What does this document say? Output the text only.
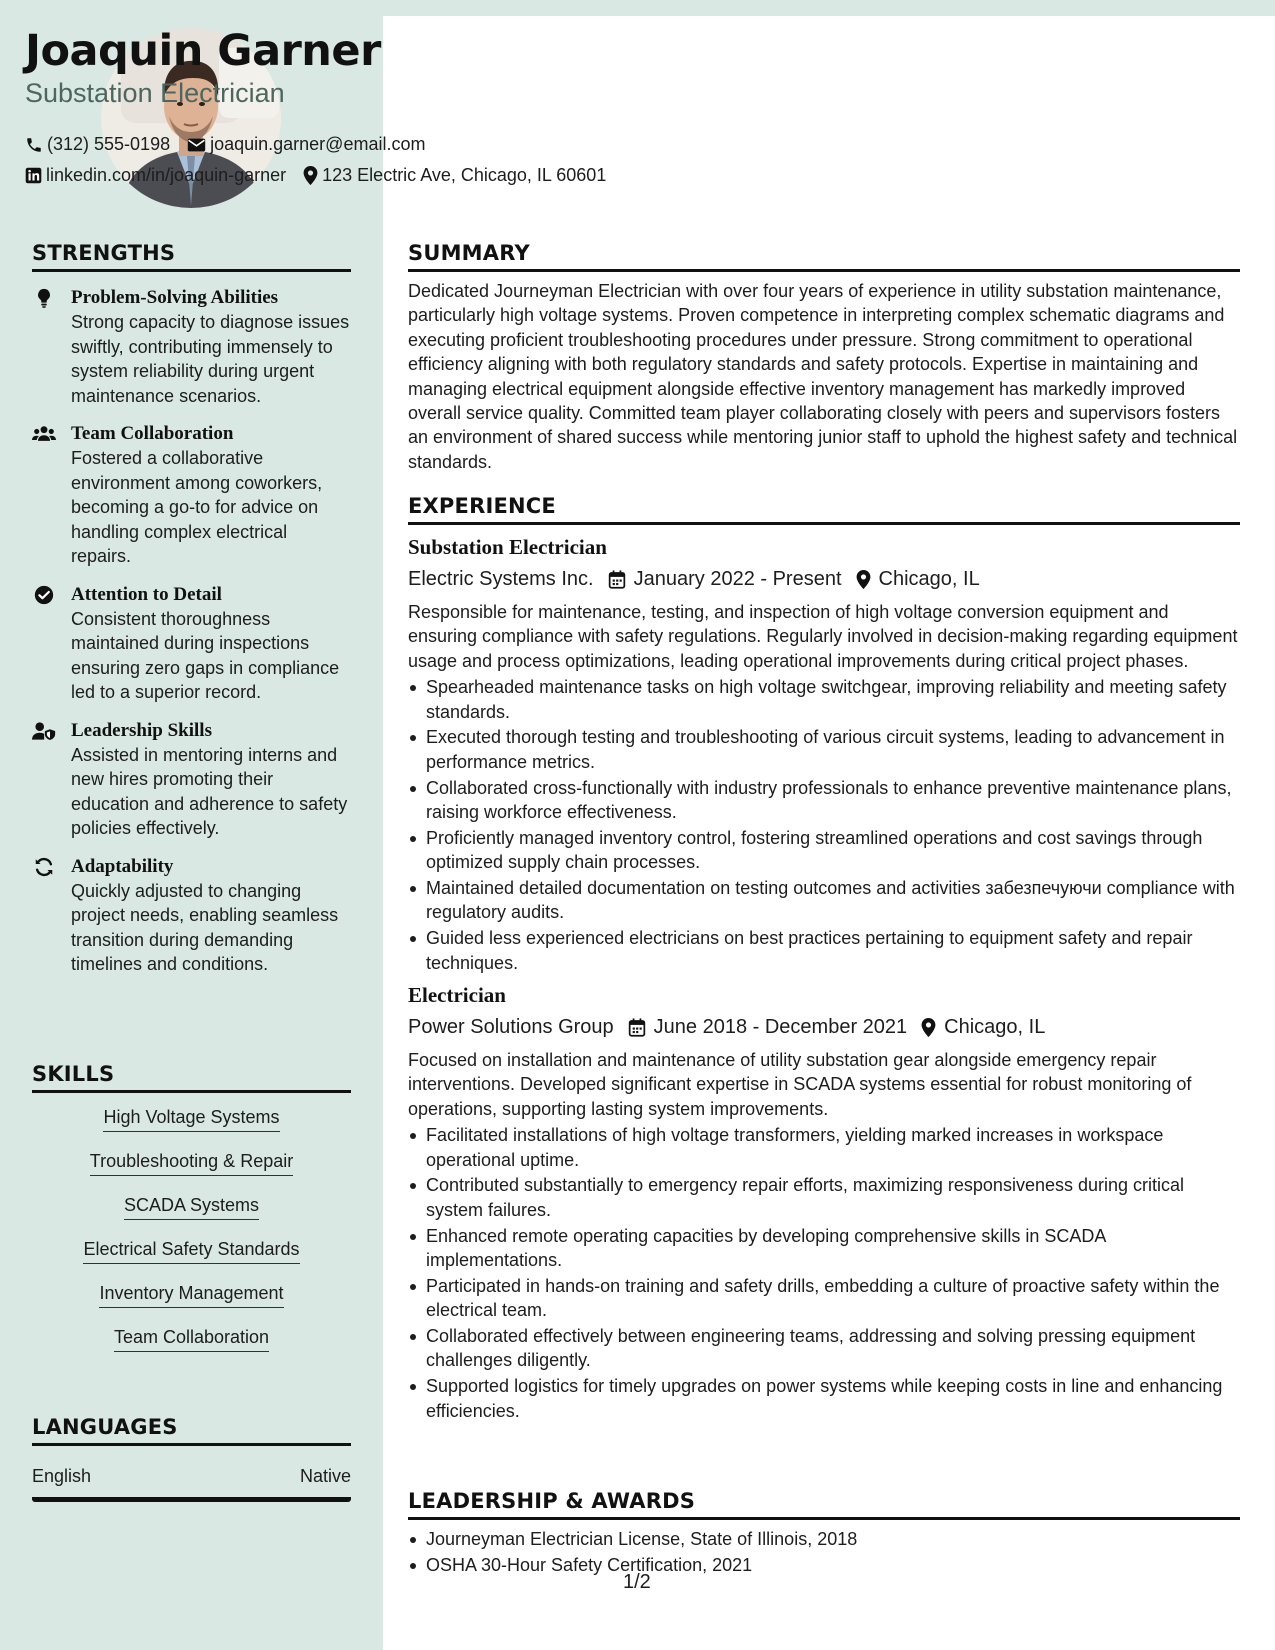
Joaquin Garner
Substation Electrician
(312) 555-0198 joaquin.garner@email.com
linkedin.com/in/joaquin-garner 123 Electric Ave, Chicago, IL 60601
STRENGTHS
Problem-Solving Abilities
Strong capacity to diagnose issues swiftly, contributing immensely to system reliability during urgent maintenance scenarios.
Team Collaboration
Fostered a collaborative environment among coworkers, becoming a go-to for advice on handling complex electrical repairs.
Attention to Detail
Consistent thoroughness maintained during inspections ensuring zero gaps in compliance led to a superior record.
Leadership Skills
Assisted in mentoring interns and new hires promoting their education and adherence to safety policies effectively.
Adaptability
Quickly adjusted to changing project needs, enabling seamless transition during demanding timelines and conditions.
SKILLS
High Voltage Systems
Troubleshooting & Repair
SCADA Systems
Electrical Safety Standards
Inventory Management
Team Collaboration
LANGUAGES
English	Native
SUMMARY
Dedicated Journeyman Electrician with over four years of experience in utility substation maintenance, particularly high voltage systems. Proven competence in interpreting complex schematic diagrams and executing proficient troubleshooting procedures under pressure. Strong commitment to operational efficiency aligning with both regulatory standards and safety protocols. Expertise in maintaining and managing electrical equipment alongside effective inventory management has markedly improved overall service quality. Committed team player collaborating closely with peers and supervisors fosters an environment of shared success while mentoring junior staff to uphold the highest safety and technical standards.
EXPERIENCE
Substation Electrician
Electric Systems Inc. January 2022 - Present Chicago, IL
Responsible for maintenance, testing, and inspection of high voltage conversion equipment and ensuring compliance with safety regulations. Regularly involved in decision-making regarding equipment usage and process optimizations, leading operational improvements during critical project phases.
Spearheaded maintenance tasks on high voltage switchgear, improving reliability and meeting safety standards.
Executed thorough testing and troubleshooting of various circuit systems, leading to advancement in performance metrics.
Collaborated cross-functionally with industry professionals to enhance preventive maintenance plans, raising workforce effectiveness.
Proficiently managed inventory control, fostering streamlined operations and cost savings through optimized supply chain processes.
Maintained detailed documentation on testing outcomes and activities забезпечуючи compliance with regulatory audits.
Guided less experienced electricians on best practices pertaining to equipment safety and repair techniques.
Electrician
Power Solutions Group June 2018 - December 2021 Chicago, IL
Focused on installation and maintenance of utility substation gear alongside emergency repair interventions. Developed significant expertise in SCADA systems essential for robust monitoring of operations, supporting lasting system improvements.
Facilitated installations of high voltage transformers, yielding marked increases in workspace operational uptime.
Contributed substantially to emergency repair efforts, maximizing responsiveness during critical system failures.
Enhanced remote operating capacities by developing comprehensive skills in SCADA implementations.
Participated in hands-on training and safety drills, embedding a culture of proactive safety within the electrical team.
Collaborated effectively between engineering teams, addressing and solving pressing equipment challenges diligently.
Supported logistics for timely upgrades on power systems while keeping costs in line and enhancing efficiencies.
LEADERSHIP & AWARDS
Journeyman Electrician License, State of Illinois, 2018
OSHA 30-Hour Safety Certification, 2021
1/2
